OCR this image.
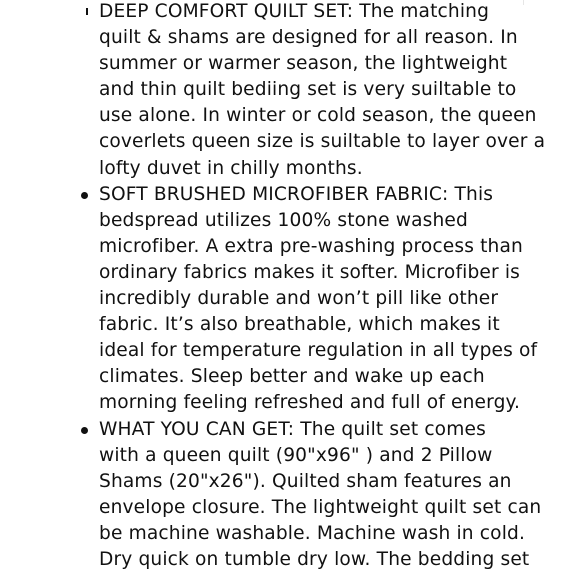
DEEP COMFORT QUILT SET: The matching
quilt & shams are designed for all reason. In
summer or warmer season, the lightweight
and thin quilt bediing set is very suiltable to
use alone. In winter or cold season, the queen
coverlets queen size is suiltable to layer over a
lofty duvet in chilly months.
SOFT BRUSHED MICROFIBER FABRIC: This
bedspread utilizes 100% stone washed
microfiber. A extra pre-washing process than
ordinary fabrics makes it softer. Microfiber is
incredibly durable and won’t pill like other
fabric. It’s also breathable, which makes it
ideal for temperature regulation in all types of
climates. Sleep better and wake up each
morning feeling refreshed and full of energy.
WHAT YOU CAN GET: The quilt set comes
with a queen quilt (90"x96" ) and 2 Pillow
Shams (20"x26"). Quilted sham features an
envelope closure. The lightweight quilt set can
be machine washable. Machine wash in cold.
Dry quick on tumble dry low. The bedding set
